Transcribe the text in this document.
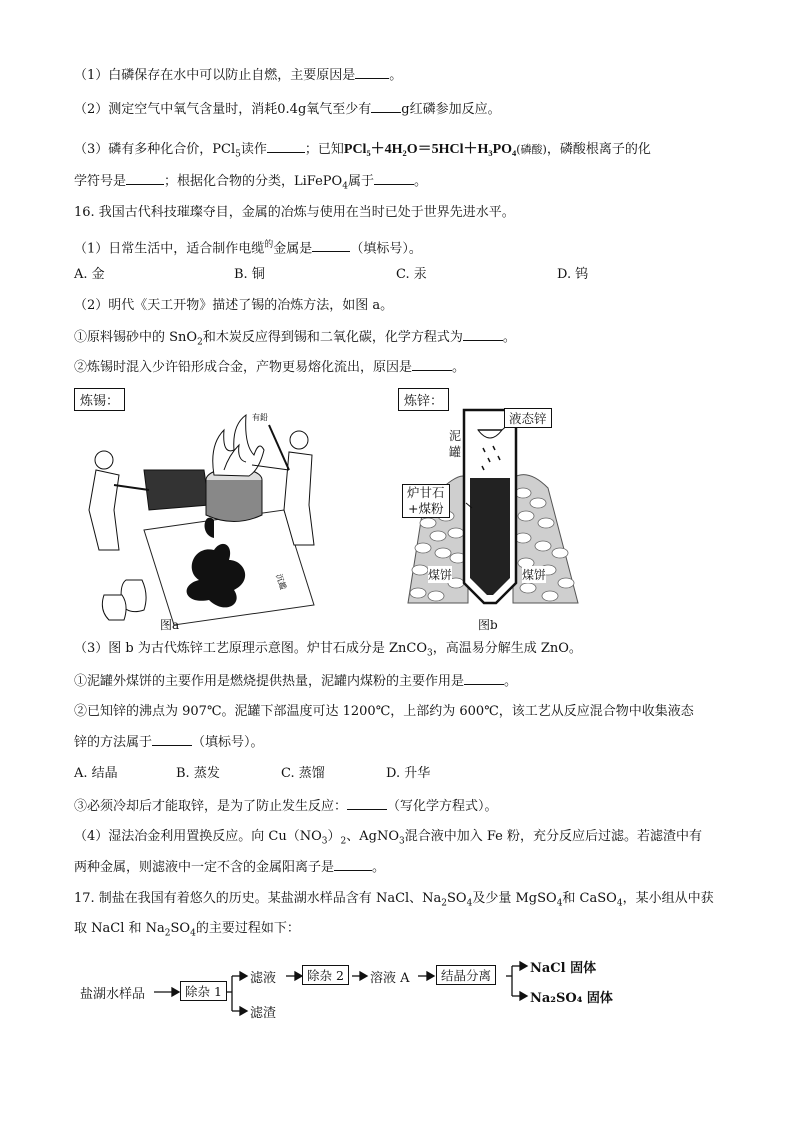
（1）白磷保存在水中可以防止自燃，主要原因是	。
（2）测定空气中氧气含量时，消耗0.4g氧气至少有 g红磷参加反应。
（3）磷有多种化合价，PCl$_5$读作	；已知PCl₅＋4H₂O＝5HCl＋H₃PO₄(磷酸)，磷酸根离子的化
学符号是	；根据化合物的分类，LiFePO$_4$属于	。
16. 我国古代科技璀璨夺目，金属的冶炼与使用在当时已处于世界先进水平。
（1）日常生活中，适合制作电缆$^的$金属是	（填标号）。
A. 金	B. 铜	C. 汞	D. 钨
（2）明代《天工开物》描述了锡的冶炼方法，如图 a。
①原料锡砂中的 SnO$_2$和木炭反应得到锡和二氧化碳，化学方程式为	。
②炼锡时混入少许铅形成合金，产物更易熔化流出，原因是	。
炼锡：
有鉛
沉鑑
图a
炼锌：
液态锌
泥罐
炉甘石
+煤粉
煤饼	煤饼
图b
（3）图 b 为古代炼锌工艺原理示意图。炉甘石成分是 ZnCO$_3$，高温易分解生成 ZnO。
①泥罐外煤饼的主要作用是燃烧提供热量，泥罐内煤粉的主要作用是	。
②已知锌的沸点为 907℃。泥罐下部温度可达 1200℃，上部约为 600℃，该工艺从反应混合物中收集液态
锌的方法属于	（填标号）。
A. 结晶	B. 蒸发	C. 蒸馏	D. 升华
③必须冷却后才能取锌，是为了防止发生反应：	（写化学方程式）。
（4）湿法冶金利用置换反应。向 $Cu(NO_3)_2$、AgNO$_3$混合液中加入 Fe 粉，充分反应后过滤。若滤渣中有
两种金属，则滤液中一定不含的金属阳离子是	。
17. 制盐在我国有着悠久的历史。某盐湖水样品含有 NaCl、$Na_2SO_4$及少量 MgSO$_4$和 CaSO$_4$，某小组从中获
取 NaCl 和 $Na_2SO_4$的主要过程如下：
盐湖水样品	除杂 1
滤液
滤渣
除杂 2	溶液 A	结晶分离	NaCl 固体
Na₂SO₄ 固体
